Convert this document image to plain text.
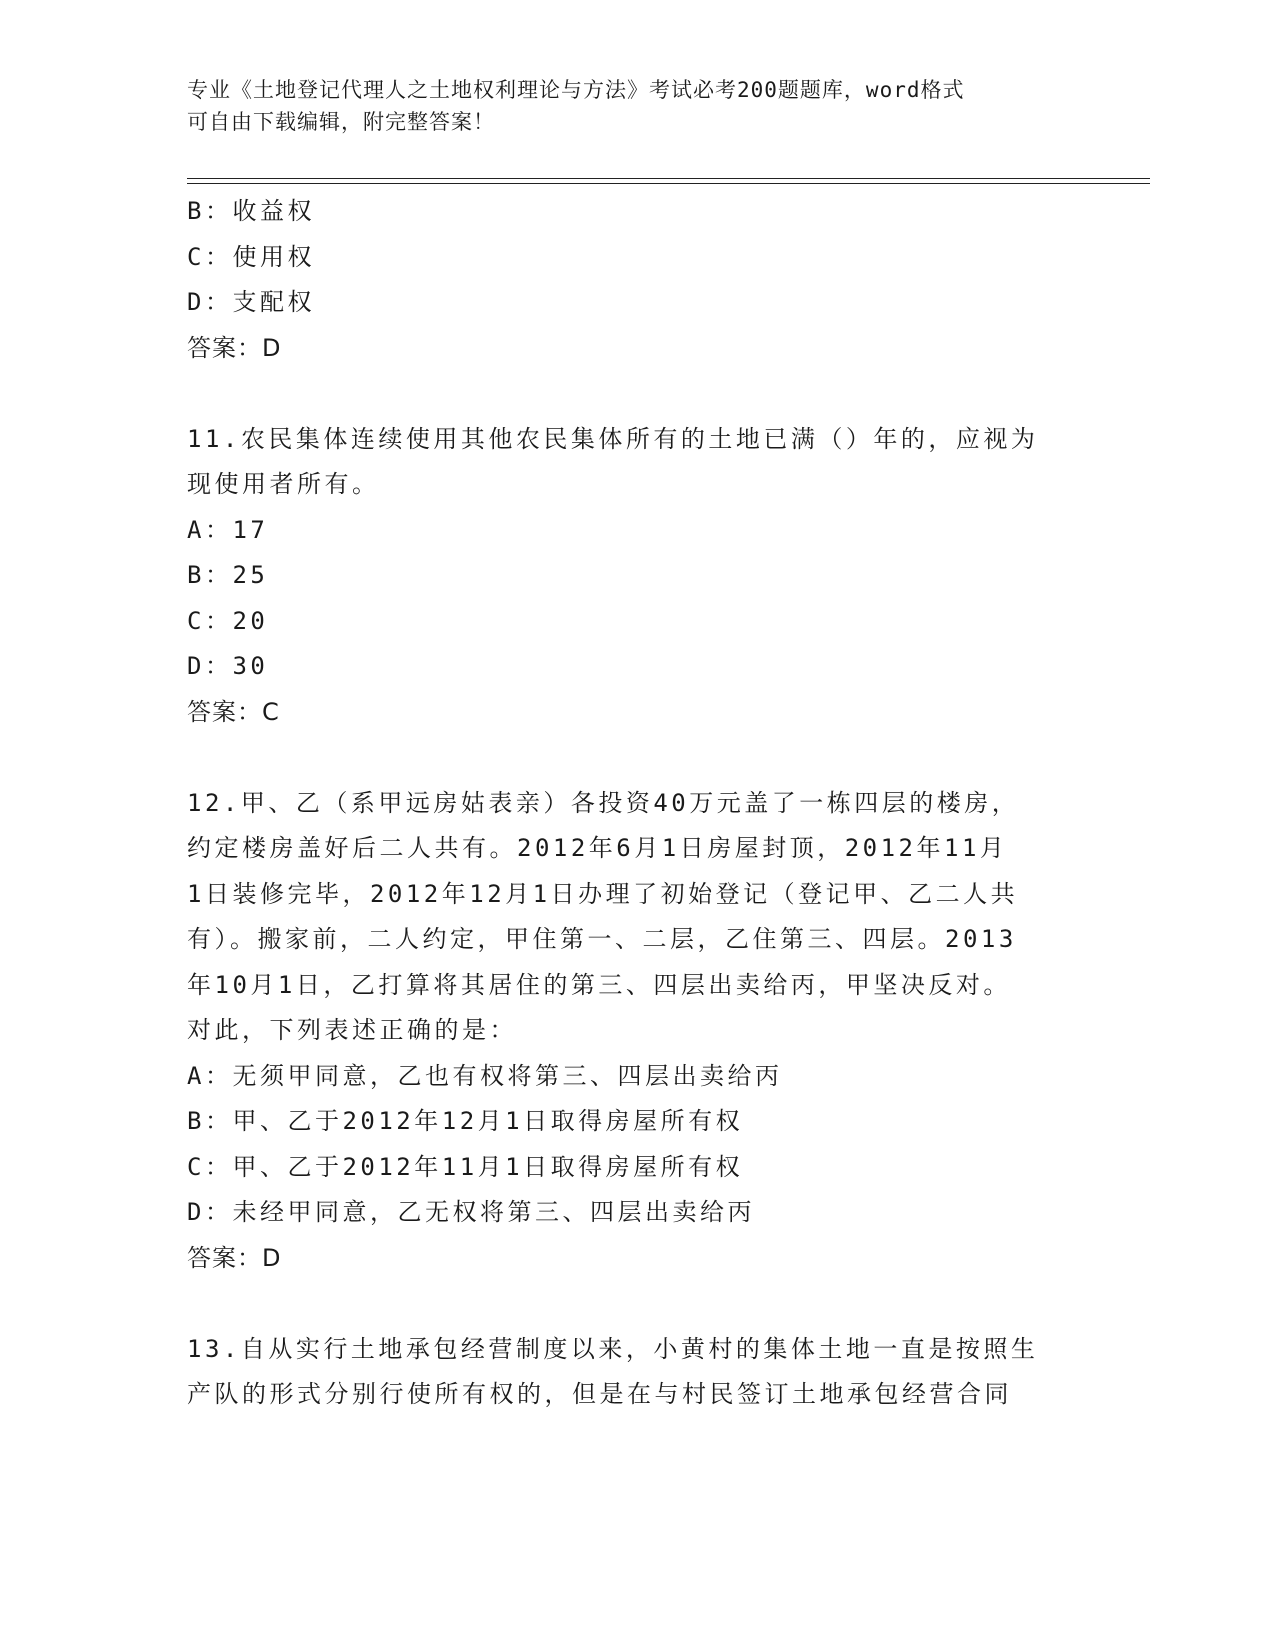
专业《土地登记代理人之土地权利理论与方法》考试必考200题题库，word格式
可自由下载编辑，附完整答案！
B：收益权
C：使用权
D：支配权
答案：D
11.农民集体连续使用其他农民集体所有的土地已满（）年的，应视为
现使用者所有。
A：17
B：25
C：20
D：30
答案：C
12.甲、乙（系甲远房姑表亲）各投资40万元盖了一栋四层的楼房，
约定楼房盖好后二人共有。2012年6月1日房屋封顶，2012年11月
1日装修完毕，2012年12月1日办理了初始登记（登记甲、乙二人共
有）。搬家前，二人约定，甲住第一、二层，乙住第三、四层。2013
年10月1日，乙打算将其居住的第三、四层出卖给丙，甲坚决反对。
对此，下列表述正确的是：
A：无须甲同意，乙也有权将第三、四层出卖给丙
B：甲、乙于2012年12月1日取得房屋所有权
C：甲、乙于2012年11月1日取得房屋所有权
D：未经甲同意，乙无权将第三、四层出卖给丙
答案：D
13.自从实行土地承包经营制度以来，小黄村的集体土地一直是按照生
产队的形式分别行使所有权的，但是在与村民签订土地承包经营合同
